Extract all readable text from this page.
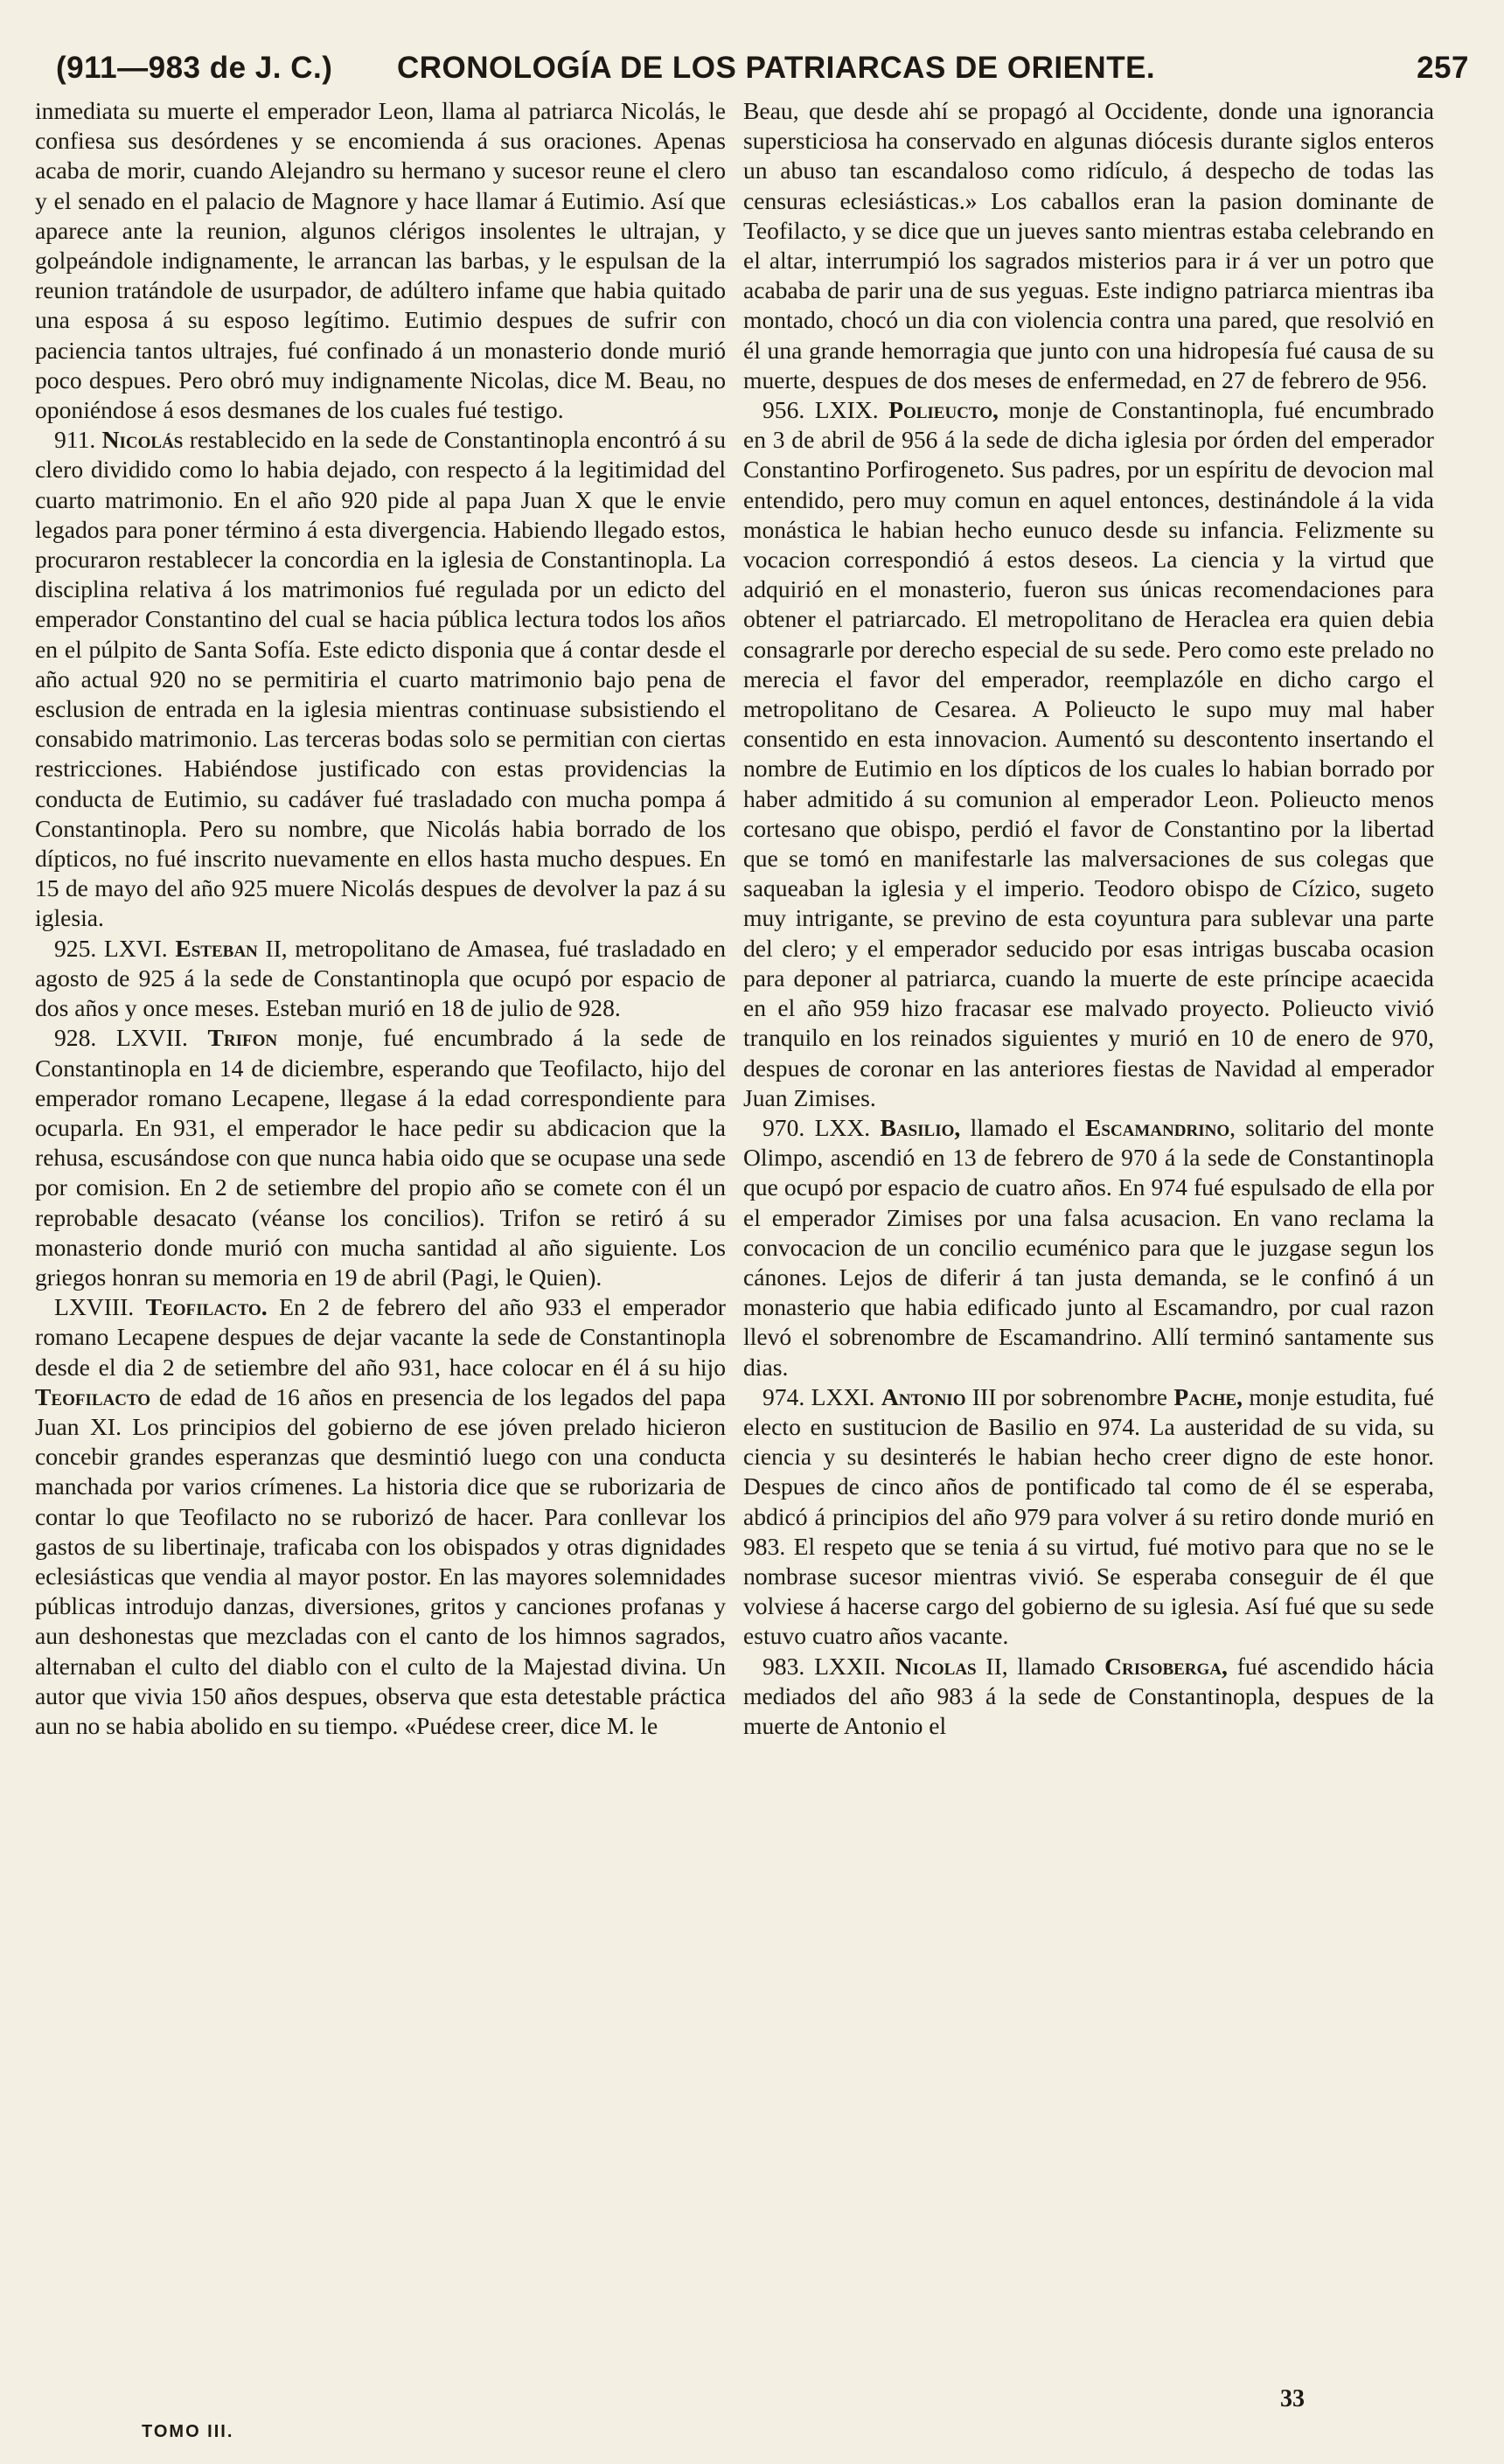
(911—983 de J. C.) CRONOLOGÍA DE LOS PATRIARCAS DE ORIENTE.	257

inmediata su muerte el emperador Leon, llama al patriarca Nicolás, le confiesa sus desórdenes y se encomienda á sus oraciones. Apenas acaba de morir, cuando Alejandro su hermano y sucesor reune el clero y el senado en el palacio de Magnore y hace llamar á Eutimio. Así que aparece ante la reunion, algunos clérigos insolentes le ultrajan, y golpeándole indignamente, le arrancan las barbas, y le espulsan de la reunion tratándole de usurpador, de adúltero infame que habia quitado una esposa á su esposo legítimo. Eutimio despues de sufrir con paciencia tantos ultrajes, fué confinado á un monasterio donde murió poco despues. Pero obró muy indignamente Nicolas, dice M. Beau, no oponiéndose á esos desmanes de los cuales fué testigo.

911. Nicolás restablecido en la sede de Constantinopla encontró á su clero dividido como lo habia dejado, con respecto á la legitimidad del cuarto matrimonio. En el año 920 pide al papa Juan X que le envie legados para poner término á esta divergencia. Habiendo llegado estos, procuraron restablecer la concordia en la iglesia de Constantinopla. La disciplina relativa á los matrimonios fué regulada por un edicto del emperador Constantino del cual se hacia pública lectura todos los años en el púlpito de Santa Sofía. Este edicto disponia que á contar desde el año actual 920 no se permitiria el cuarto matrimonio bajo pena de esclusion de entrada en la iglesia mientras continuase subsistiendo el consabido matrimonio. Las terceras bodas solo se permitian con ciertas restricciones. Habiéndose justificado con estas providencias la conducta de Eutimio, su cadáver fué trasladado con mucha pompa á Constantinopla. Pero su nombre, que Nicolás habia borrado de los dípticos, no fué inscrito nuevamente en ellos hasta mucho despues. En 15 de mayo del año 925 muere Nicolás despues de devolver la paz á su iglesia.

925. LXVI. Esteban II, metropolitano de Amasea, fué trasladado en agosto de 925 á la sede de Constantinopla que ocupó por espacio de dos años y once meses. Esteban murió en 18 de julio de 928.

928. LXVII. Trifon monje, fué encumbrado á la sede de Constantinopla en 14 de diciembre, esperando que Teofilacto, hijo del emperador romano Lecapene, llegase á la edad correspondiente para ocuparla. En 931, el emperador le hace pedir su abdicacion que la rehusa, escusándose con que nunca habia oido que se ocupase una sede por comision. En 2 de setiembre del propio año se comete con él un reprobable desacato (véanse los concilios). Trifon se retiró á su monasterio donde murió con mucha santidad al año siguiente. Los griegos honran su memoria en 19 de abril (Pagi, le Quien).

LXVIII. Teofilacto. En 2 de febrero del año 933 el emperador romano Lecapene despues de dejar vacante la sede de Constantinopla desde el dia 2 de setiembre del año 931, hace colocar en él á su hijo Teofilacto de edad de 16 años en presencia de los legados del papa Juan XI. Los principios del gobierno de ese jóven prelado hicieron concebir grandes esperanzas que desmintió luego con una conducta manchada por varios crímenes. La historia dice que se ruborizaria de contar lo que Teofilacto no se ruborizó de hacer. Para conllevar los gastos de su libertinaje, traficaba con los obispados y otras dignidades eclesiásticas que vendia al mayor postor. En las mayores solemnidades públicas introdujo danzas, diversiones, gritos y canciones profanas y aun deshonestas que mezcladas con el canto de los himnos sagrados, alternaban el culto del diablo con el culto de la Majestad divina. Un autor que vivia 150 años despues, observa que esta detestable práctica aun no se habia abolido en su tiempo. «Puédese creer, dice M. le

Beau, que desde ahí se propagó al Occidente, donde una ignorancia supersticiosa ha conservado en algunas diócesis durante siglos enteros un abuso tan escandaloso como ridículo, á despecho de todas las censuras eclesiásticas.» Los caballos eran la pasion dominante de Teofilacto, y se dice que un jueves santo mientras estaba celebrando en el altar, interrumpió los sagrados misterios para ir á ver un potro que acababa de parir una de sus yeguas. Este indigno patriarca mientras iba montado, chocó un dia con violencia contra una pared, que resolvió en él una grande hemorragia que junto con una hidropesía fué causa de su muerte, despues de dos meses de enfermedad, en 27 de febrero de 956.

956. LXIX. Polieucto, monje de Constantinopla, fué encumbrado en 3 de abril de 956 á la sede de dicha iglesia por órden del emperador Constantino Porfirogeneto. Sus padres, por un espíritu de devocion mal entendido, pero muy comun en aquel entonces, destinándole á la vida monástica le habian hecho eunuco desde su infancia. Felizmente su vocacion correspondió á estos deseos. La ciencia y la virtud que adquirió en el monasterio, fueron sus únicas recomendaciones para obtener el patriarcado. El metropolitano de Heraclea era quien debia consagrarle por derecho especial de su sede. Pero como este prelado no merecia el favor del emperador, reemplazóle en dicho cargo el metropolitano de Cesarea. A Polieucto le supo muy mal haber consentido en esta innovacion. Aumentó su descontento insertando el nombre de Eutimio en los dípticos de los cuales lo habian borrado por haber admitido á su comunion al emperador Leon. Polieucto menos cortesano que obispo, perdió el favor de Constantino por la libertad que se tomó en manifestarle las malversaciones de sus colegas que saqueaban la iglesia y el imperio. Teodoro obispo de Cízico, sugeto muy intrigante, se previno de esta coyuntura para sublevar una parte del clero; y el emperador seducido por esas intrigas buscaba ocasion para deponer al patriarca, cuando la muerte de este príncipe acaecida en el año 959 hizo fracasar ese malvado proyecto. Polieucto vivió tranquilo en los reinados siguientes y murió en 10 de enero de 970, despues de coronar en las anteriores fiestas de Navidad al emperador Juan Zimises.

970. LXX. Basilio, llamado el Escamandrino, solitario del monte Olimpo, ascendió en 13 de febrero de 970 á la sede de Constantinopla que ocupó por espacio de cuatro años. En 974 fué espulsado de ella por el emperador Zimises por una falsa acusacion. En vano reclama la convocacion de un concilio ecuménico para que le juzgase segun los cánones. Lejos de diferir á tan justa demanda, se le confinó á un monasterio que habia edificado junto al Escamandro, por cual razon llevó el sobrenombre de Escamandrino. Allí terminó santamente sus dias.

974. LXXI. Antonio III por sobrenombre Pache, monje estudita, fué electo en sustitucion de Basilio en 974. La austeridad de su vida, su ciencia y su desinterés le habian hecho creer digno de este honor. Despues de cinco años de pontificado tal como de él se esperaba, abdicó á principios del año 979 para volver á su retiro donde murió en 983. El respeto que se tenia á su virtud, fué motivo para que no se le nombrase sucesor mientras vivió. Se esperaba conseguir de él que volviese á hacerse cargo del gobierno de su iglesia. Así fué que su sede estuvo cuatro años vacante.

983. LXXII. Nicolas II, llamado Crisoberga, fué ascendido hácia mediados del año 983 á la sede de Constantinopla, despues de la muerte de Antonio el

TOMO III.
33
